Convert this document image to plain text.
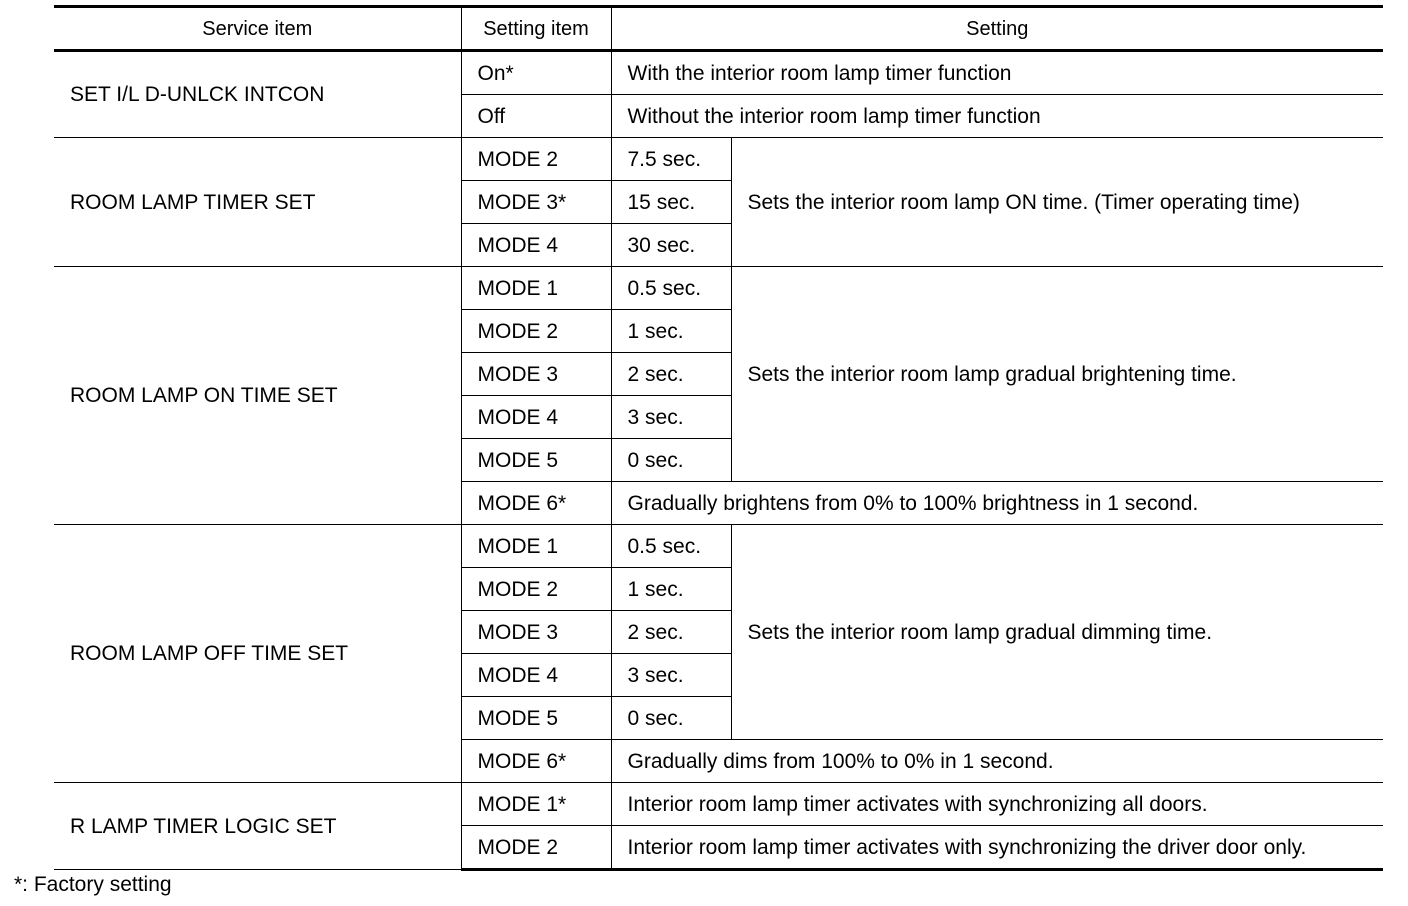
Service item	Setting item	Setting	
SET I/L D-UNLCK INTCON	On*	With the interior room lamp timer function	
	Off	Without the interior room lamp timer function	
ROOM LAMP TIMER SET	MODE 2	7.5 sec.	Sets the interior room lamp ON time. (Timer operating time)
	MODE 3*	15 sec.	
	MODE 4	30 sec.	
ROOM LAMP ON TIME SET	MODE 1	0.5 sec.	Sets the interior room lamp gradual brightening time.
	MODE 2	1 sec.	
	MODE 3	2 sec.	
	MODE 4	3 sec.	
	MODE 5	0 sec.	
	MODE 6*	Gradually brightens from 0% to 100% brightness in 1 second.	
ROOM LAMP OFF TIME SET	MODE 1	0.5 sec.	Sets the interior room lamp gradual dimming time.
	MODE 2	1 sec.	
	MODE 3	2 sec.	
	MODE 4	3 sec.	
	MODE 5	0 sec.	
	MODE 6*	Gradually dims from 100% to 0% in 1 second.	
R LAMP TIMER LOGIC SET	MODE 1*	Interior room lamp timer activates with synchronizing all doors.	
	MODE 2	Interior room lamp timer activates with synchronizing the driver door only.	
*: Factory setting
